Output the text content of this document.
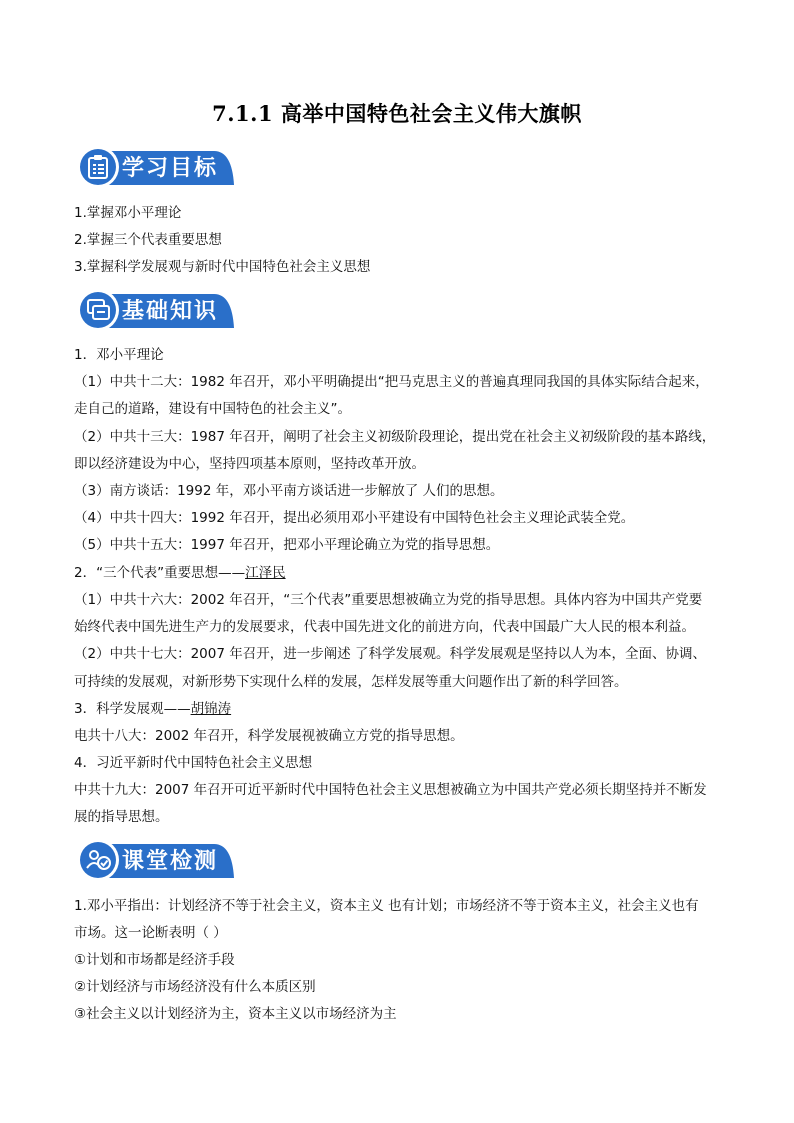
7.1.1 高举中国特色社会主义伟大旗帜
学习目标
1.掌握邓小平理论
2.掌握三个代表重要思想
3.掌握科学发展观与新时代中国特色社会主义思想
基础知识
1．邓小平理论
（1）中共十二大：1982 年召开，邓小平明确提出“把马克思主义的普遍真理同我国的具体实际结合起来，
走自己的道路，建设有中国特色的社会主义”。
（2）中共十三大：1987 年召开，阐明了社会主义初级阶段理论，提出党在社会主义初级阶段的基本路线，
即以经济建设为中心，坚持四项基本原则，坚持改革开放。
（3）南方谈话：1992 年，邓小平南方谈话进一步解放了 人们的思想。
（4）中共十四大：1992 年召开，提出必须用邓小平建设有中国特色社会主义理论武装全党。
（5）中共十五大：1997 年召开，把邓小平理论确立为党的指导思想。
2．“三个代表”重要思想——江泽民
（1）中共十六大：2002 年召开，“三个代表”重要思想被确立为党的指导思想。具体内容为中国共产党要
始终代表中国先进生产力的发展要求，代表中国先进文化的前进方向，代表中国最广大人民的根本利益。
（2）中共十七大：2007 年召开，进一步阐述 了科学发展观。科学发展观是坚持以人为本，全面、协调、
可持续的发展观，对新形势下实现什么样的发展，怎样发展等重大问题作出了新的科学回答。
3．科学发展观——胡锦涛
电共十八大：2002 年召开，科学发展视被确立方党的指导思想。
4．习近平新时代中国特色社会主义思想
中共十九大：2007 年召开可近平新时代中国特色社会主义思想被确立为中国共产党必须长期坚持并不断发
展的指导思想。
课堂检测
1.邓小平指出：计划经济不等于社会主义，资本主义 也有计划；市场经济不等于资本主义，社会主义也有
市场。这一论断表明（ ）
①计划和市场都是经济手段
②计划经济与市场经济没有什么本质区别
③社会主义以计划经济为主，资本主义以市场经济为主
